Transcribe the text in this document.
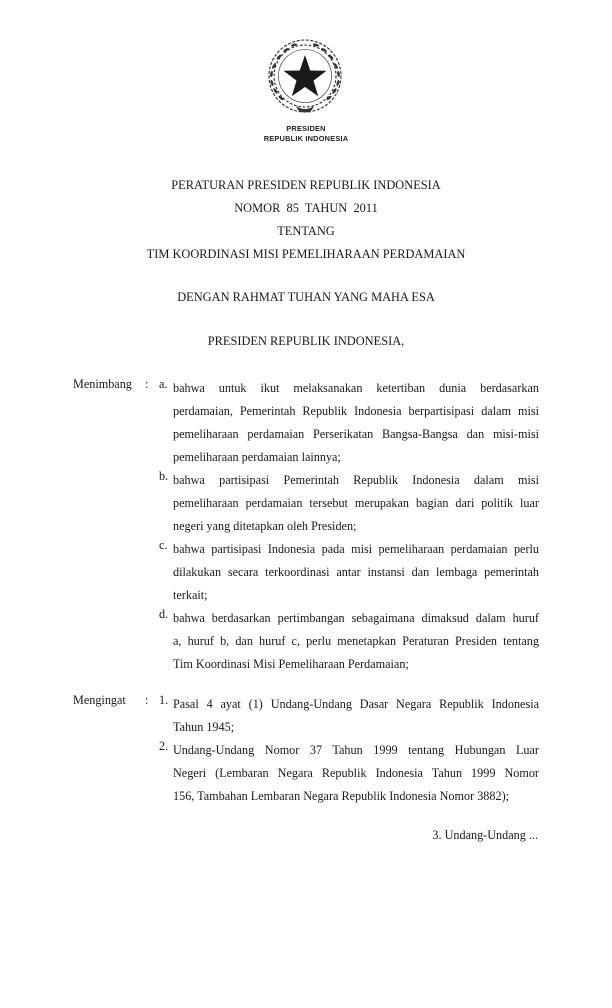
PRESIDEN
REPUBLIK INDONESIA
PERATURAN PRESIDEN REPUBLIK INDONESIA
NOMOR  85  TAHUN  2011
TENTANG
TIM KOORDINASI MISI PEMELIHARAAN PERDAMAIAN
DENGAN RAHMAT TUHAN YANG MAHA ESA
PRESIDEN REPUBLIK INDONESIA,
Menimbang : a. bahwa untuk ikut melaksanakan ketertiban dunia berdasarkan
perdamaian, Pemerintah Republik Indonesia berpartisipasi dalam misi
pemeliharaan perdamaian Perserikatan Bangsa-Bangsa dan misi-misi
pemeliharaan perdamaian lainnya;
b. bahwa partisipasi Pemerintah Republik Indonesia dalam misi
pemeliharaan perdamaian tersebut merupakan bagian dari politik luar
negeri yang ditetapkan oleh Presiden;
c. bahwa partisipasi Indonesia pada misi pemeliharaan perdamaian perlu
dilakukan secara terkoordinasi antar instansi dan lembaga pemerintah
terkait;
d. bahwa berdasarkan pertimbangan sebagaimana dimaksud dalam huruf
a, huruf b, dan huruf c, perlu menetapkan Peraturan Presiden tentang
Tim Koordinasi Misi Pemeliharaan Perdamaian;
Mengingat : 1. Pasal 4 ayat (1) Undang-Undang Dasar Negara Republik Indonesia
Tahun 1945;
2. Undang-Undang Nomor 37 Tahun 1999 tentang Hubungan Luar
Negeri (Lembaran Negara Republik Indonesia Tahun 1999 Nomor
156, Tambahan Lembaran Negara Republik Indonesia Nomor 3882);
3. Undang-Undang ...
